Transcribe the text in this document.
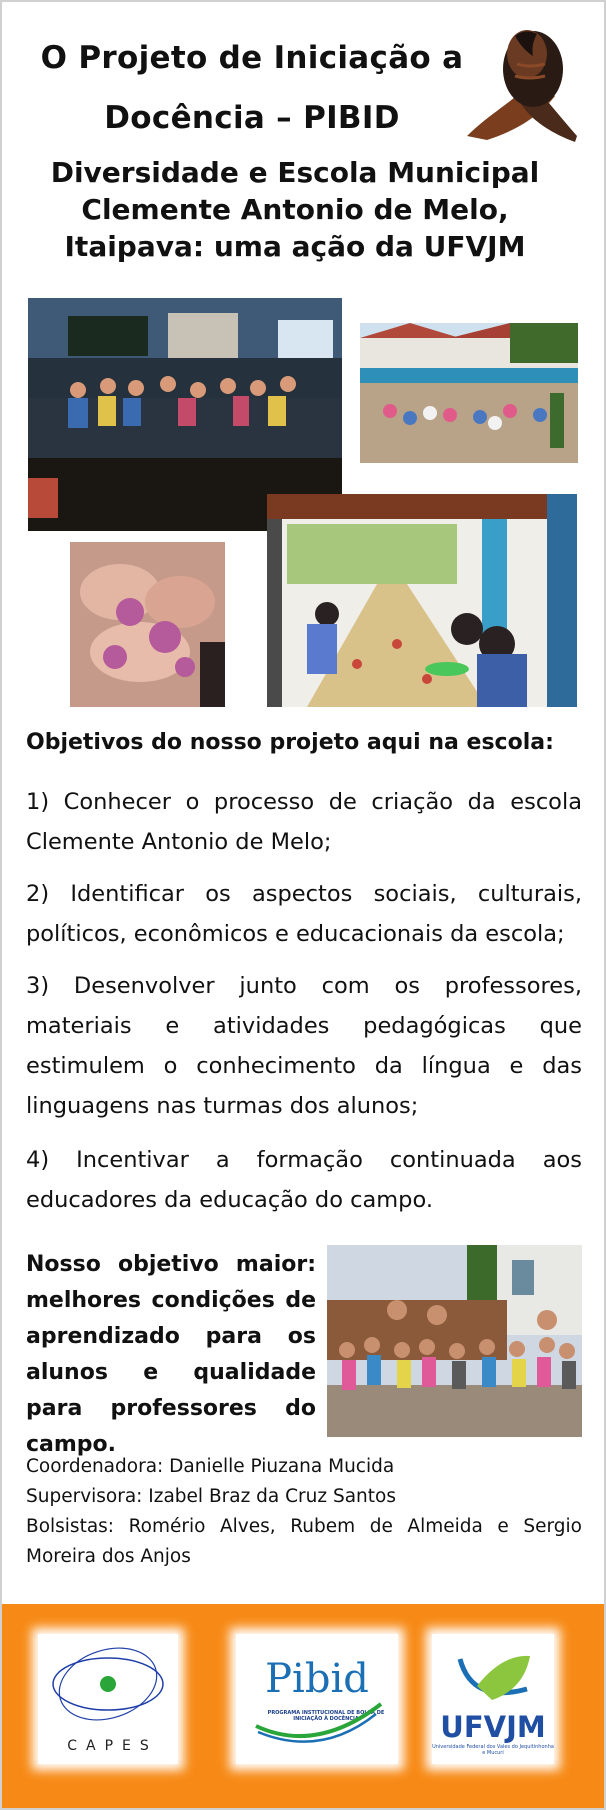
O Projeto de Iniciação a
Docência – PIBID
Diversidade e Escola Municipal
Clemente Antonio de Melo,
Itaipava: uma ação da UFVJM
Objetivos do nosso projeto aqui na escola:
1) Conhecer o processo de criação da escola Clemente Antonio de Melo;
2) Identificar os aspectos sociais, culturais, políticos, econômicos e educacionais da escola;
3) Desenvolver junto com os professores, materiais e atividades pedagógicas que estimulem o conhecimento da língua e das linguagens nas turmas dos alunos;
4) Incentivar a formação continuada aos educadores da educação do campo.
Nosso objetivo maior: melhores condições de aprendizado para os alunos e qualidade para professores do campo.
Coordenadora: Danielle Piuzana Mucida
Supervisora: Izabel Braz da Cruz Santos
Bolsistas: Romério Alves, Rubem de Almeida e Sergio Moreira dos Anjos
CAPES
Pibid
PROGRAMA INSTITUCIONAL DE BOLSA DE INICIAÇÃO À DOCÊNCIA	UFVJM
Universidade Federal dos Vales do Jequitinhonha e Mucuri
